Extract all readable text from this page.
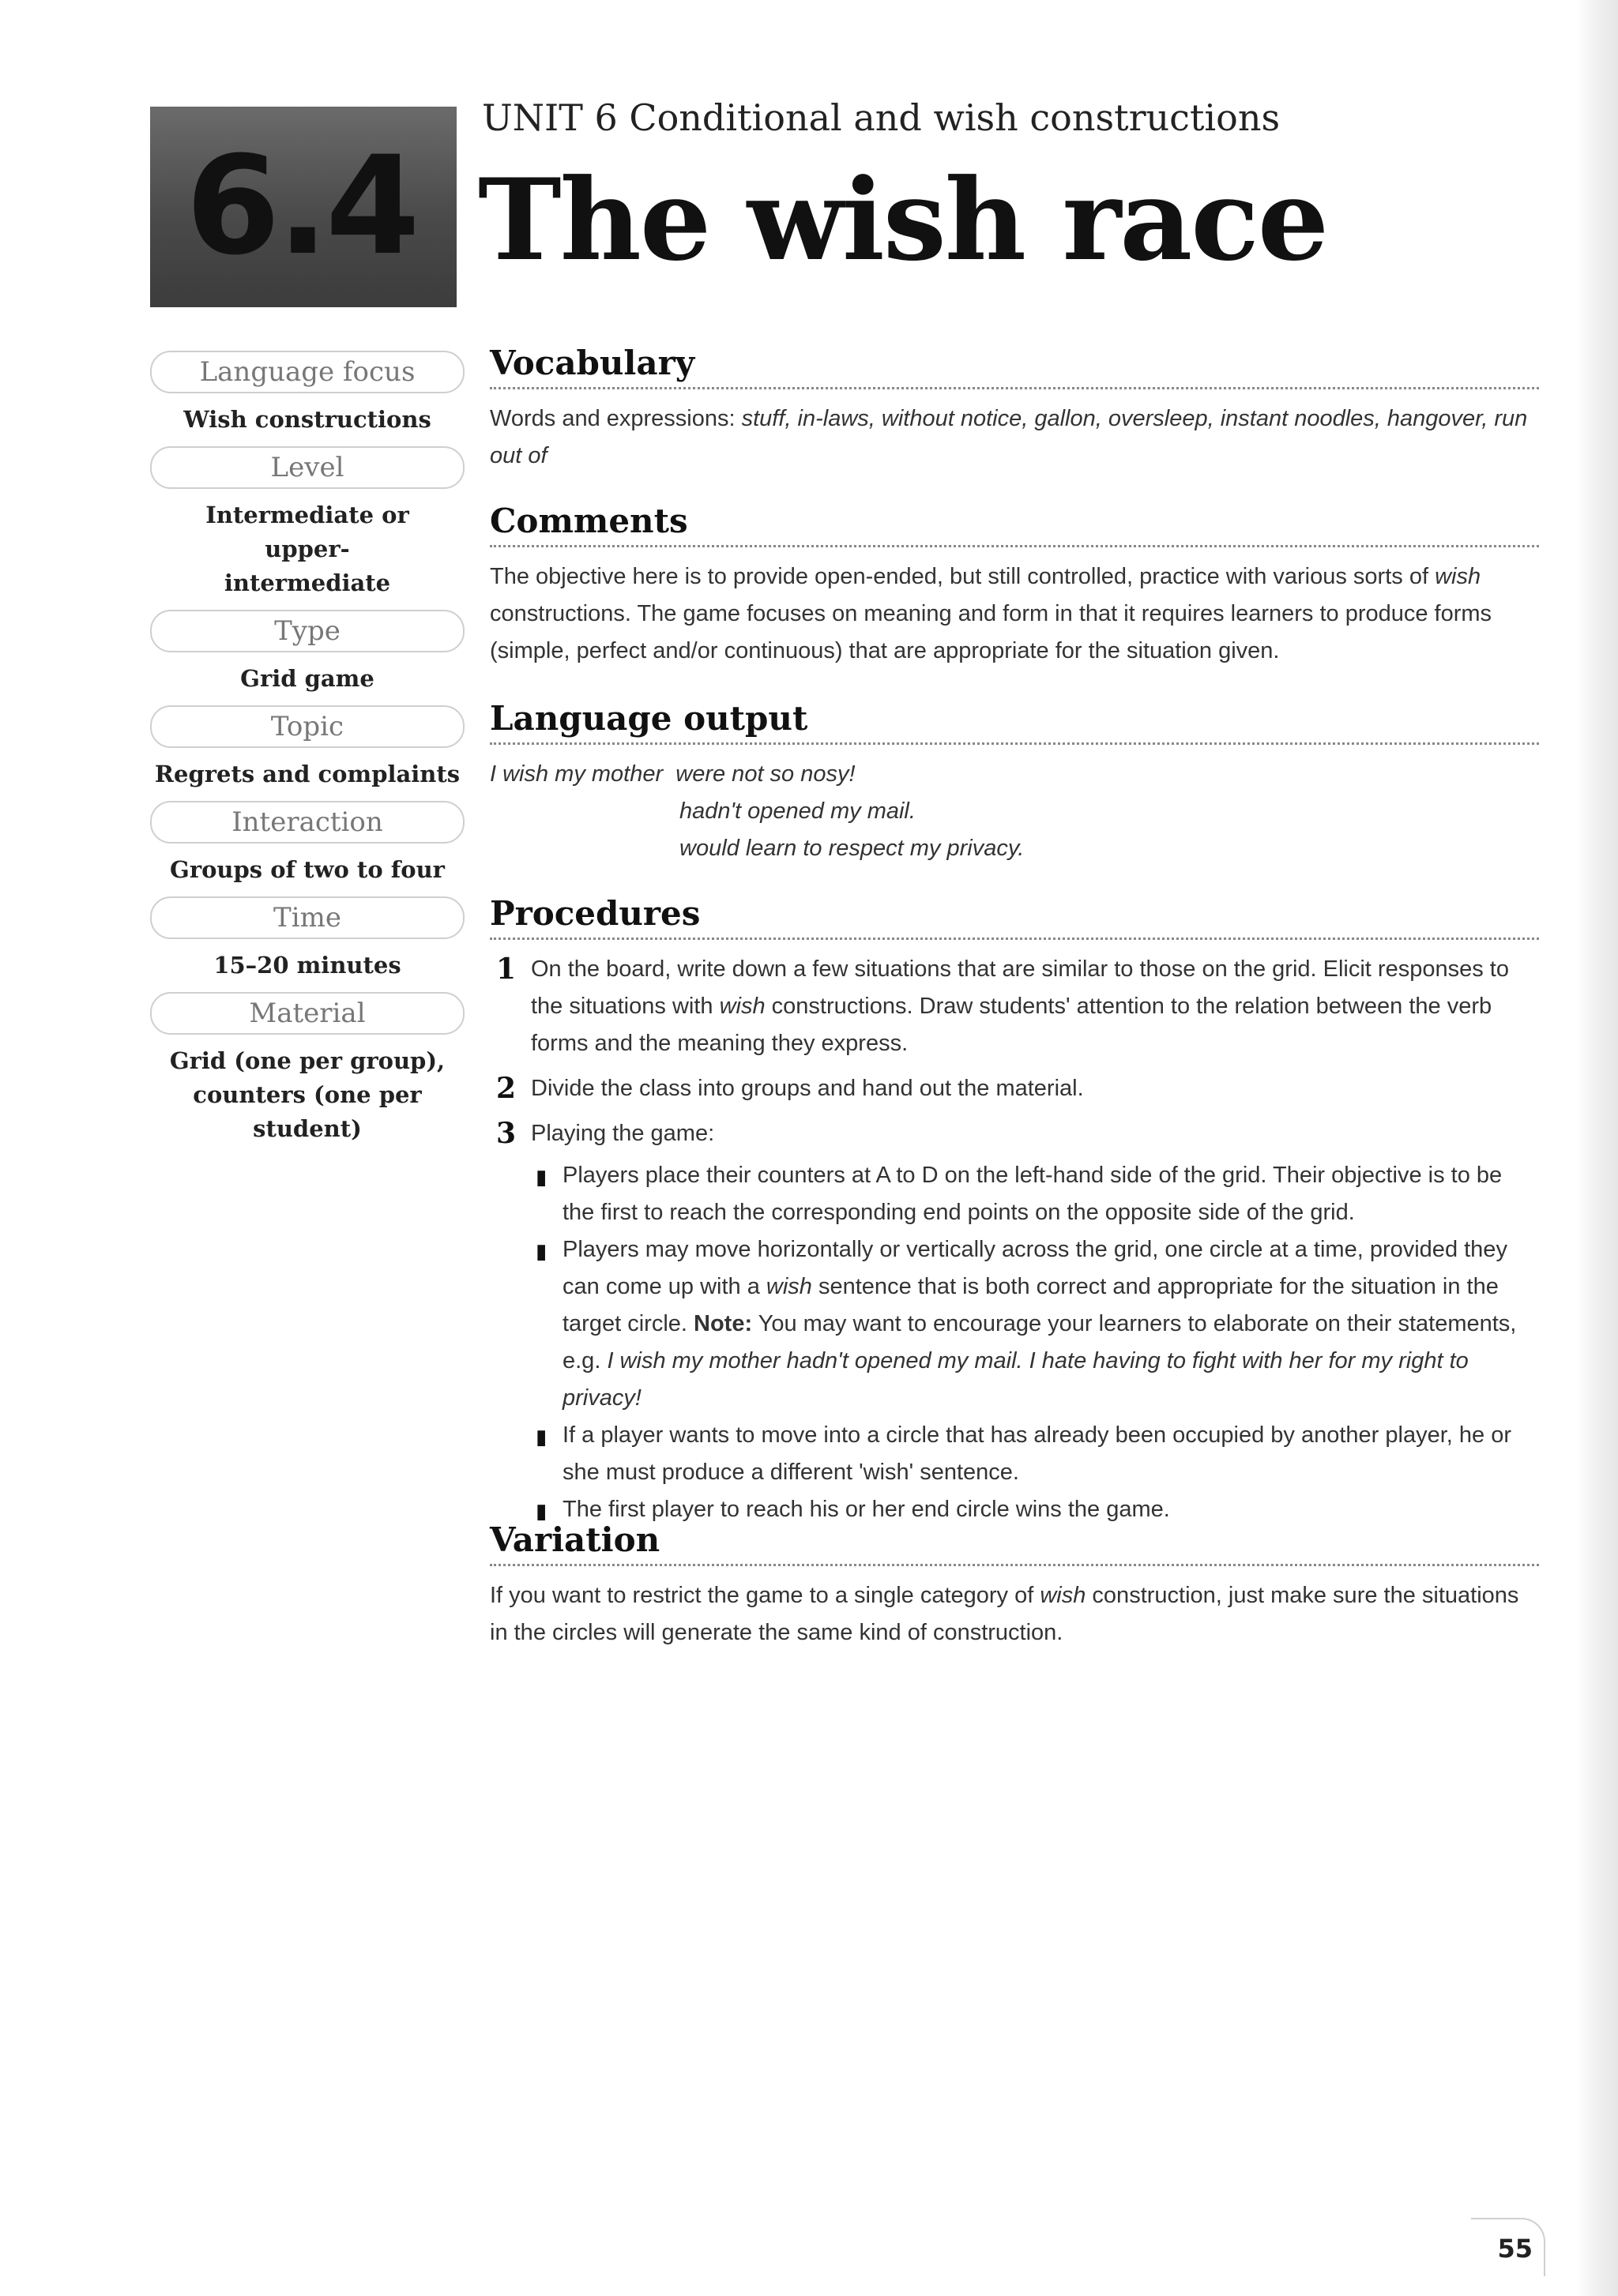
6.4
UNIT 6 Conditional and wish constructions
The wish race
Language focus
Wish constructions
Level
Intermediate or upper-intermediate
Type
Grid game
Topic
Regrets and complaints
Interaction
Groups of two to four
Time
15–20 minutes
Material
Grid (one per group), counters (one per student)
Vocabulary

Words and expressions: stuff, in-laws, without notice, gallon, oversleep, instant noodles, hangover, run out of

Comments

The objective here is to provide open-ended, but still controlled, practice with various sorts of wish constructions. The game focuses on meaning and form in that it requires learners to produce forms (simple, perfect and/or continuous) that are appropriate for the situation given.

Language output

I wish my mother  were not so nosy!

hadn't opened my mail.

would learn to respect my privacy.

Procedures
1 On the board, write down a few situations that are similar to those on the grid. Elicit responses to the situations with wish constructions. Draw students' attention to the relation between the verb forms and the meaning they express.

2 Divide the class into groups and hand out the material.

3 Playing the game:

▮ Players place their counters at A to D on the left-hand side of the grid. Their objective is to be the first to reach the corresponding end points on the opposite side of the grid.

▮ Players may move horizontally or vertically across the grid, one circle at a time, provided they can come up with a wish sentence that is both correct and appropriate for the situation in the target circle. Note: You may want to encourage your learners to elaborate on their statements, e.g. I wish my mother hadn't opened my mail. I hate having to fight with her for my right to privacy!

▮ If a player wants to move into a circle that has already been occupied by another player, he or she must produce a different 'wish' sentence.

▮ The first player to reach his or her end circle wins the game.

Variation

If you want to restrict the game to a single category of wish construction, just make sure the situations in the circles will generate the same kind of construction.

55
